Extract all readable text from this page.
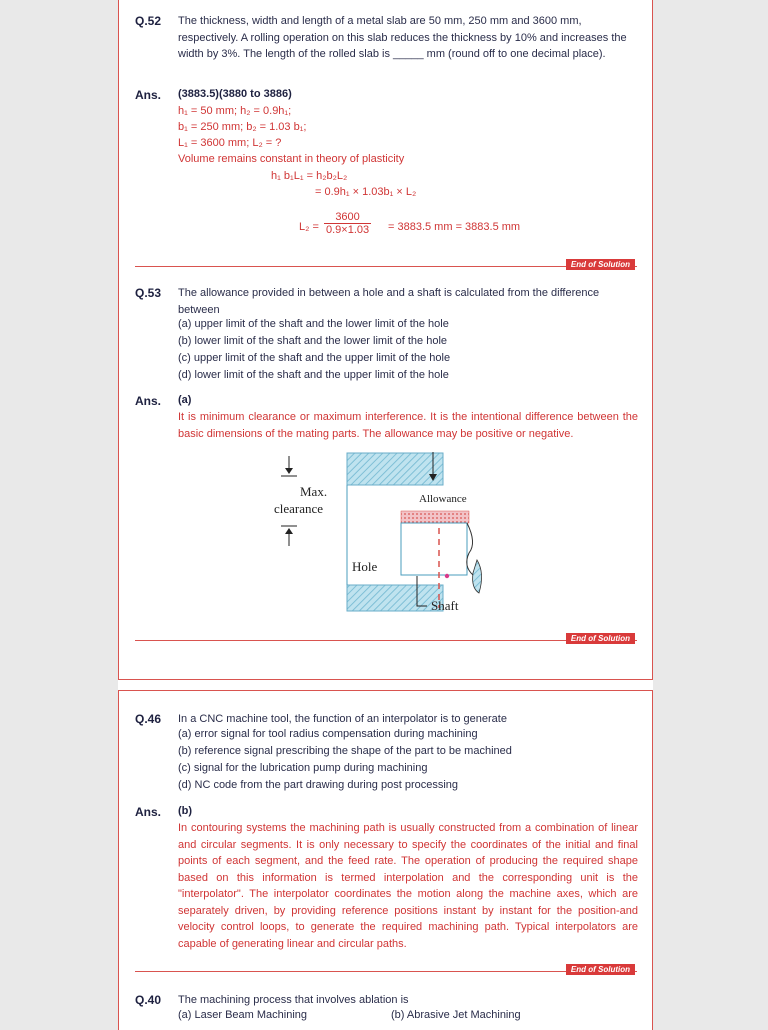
Q.52 The thickness, width and length of a metal slab are 50 mm, 250 mm and 3600 mm, respectively. A rolling operation on this slab reduces the thickness by 10% and increases the width by 3%. The length of the rolled slab is _____ mm (round off to one decimal place).
Ans. (3883.5)(3880 to 3886)
h₁ = 50 mm; h₂ = 0.9h₁;
b₁ = 250 mm; b₂ = 1.03 b₁;
L₁ = 3600 mm; L₂ = ?
Volume remains constant in theory of plasticity
h₁ b₁L₁ = h₂b₂L₂
= 0.9h₁ × 1.03b₁ × L₂
$L_2 = \frac{3600}{0.9\times 1.03} = 3883.5$ mm = 3883.5 mm
End of Solution
Q.53 The allowance provided in between a hole and a shaft is calculated from the difference between
(a) upper limit of the shaft and the lower limit of the hole
(b) lower limit of the shaft and the lower limit of the hole
(c) upper limit of the shaft and the upper limit of the hole
(d) lower limit of the shaft and the upper limit of the hole
Ans. (a)
It is minimum clearance or maximum interference. It is the intentional difference between the basic dimensions of the mating parts. The allowance may be positive or negative.
Max.
clearance
Allowance
Hole
Shaft
End of Solution
Q.46 In a CNC machine tool, the function of an interpolator is to generate
(a) error signal for tool radius compensation during machining
(b) reference signal prescribing the shape of the part to be machined
(c) signal for the lubrication pump during machining
(d) NC code from the part drawing during post processing
Ans. (b)
In contouring systems the machining path is usually constructed from a combination of linear and circular segments. It is only necessary to specify the coordinates of the initial and final points of each segment, and the feed rate. The operation of producing the required shape based on this information is termed interpolation and the corresponding unit is the "interpolator". The interpolator coordinates the motion along the machine axes, which are separately driven, by providing reference positions instant by instant for the position-and velocity control loops, to generate the required machining path. Typical interpolators are capable of generating linear and circular paths.
End of Solution
Q.40 The machining process that involves ablation is
(a) Laser Beam Machining	(b) Abrasive Jet Machining
